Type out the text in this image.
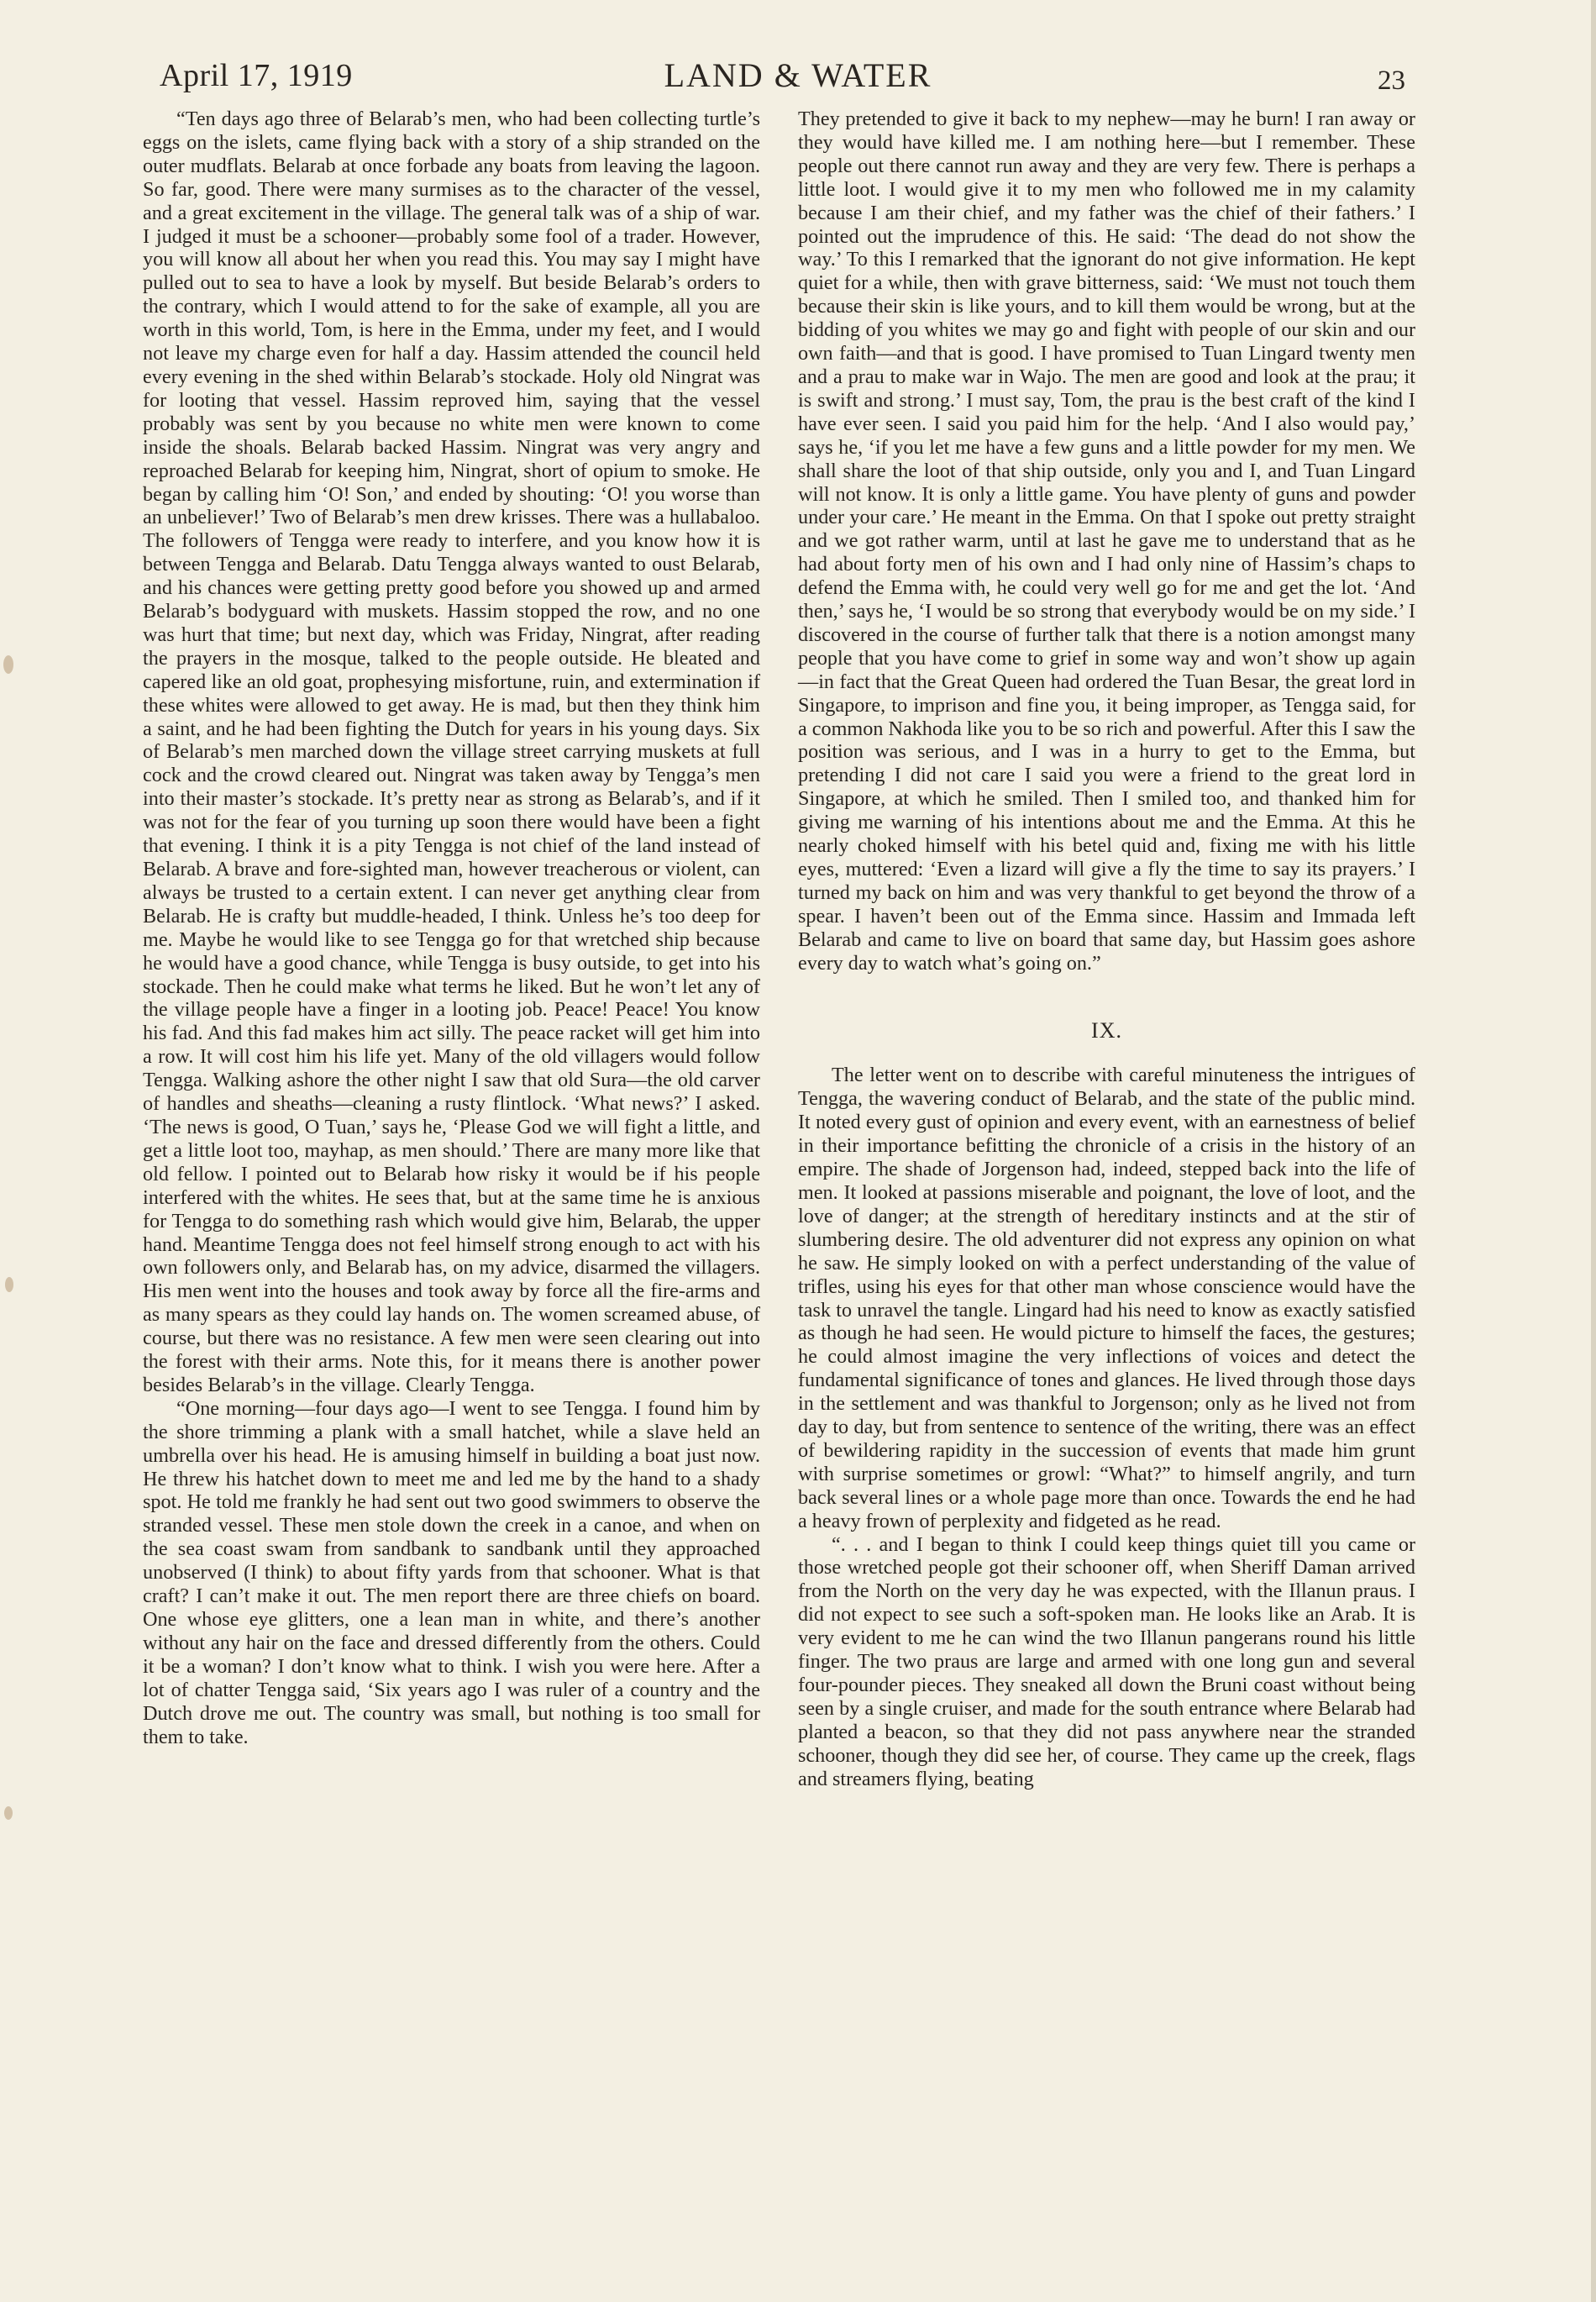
April 17, 1919	LAND & WATER	23

“Ten days ago three of Belarab’s men, who had been collecting turtle’s eggs on the islets, came flying back with a story of a ship stranded on the outer mudflats. Belarab at once forbade any boats from leaving the lagoon. So far, good. There were many surmises as to the character of the vessel, and a great excitement in the village. The general talk was of a ship of war. I judged it must be a schooner—probably some fool of a trader. However, you will know all about her when you read this. You may say I might have pulled out to sea to have a look by myself. But beside Belarab’s orders to the contrary, which I would attend to for the sake of example, all you are worth in this world, Tom, is here in the Emma, under my feet, and I would not leave my charge even for half a day. Hassim attended the council held every evening in the shed within Belarab’s stockade. Holy old Ningrat was for looting that vessel. Hassim reproved him, saying that the vessel probably was sent by you because no white men were known to come inside the shoals. Belarab backed Hassim. Ningrat was very angry and reproached Belarab for keeping him, Ningrat, short of opium to smoke. He began by calling him ‘O! Son,’ and ended by shouting: ‘O! you worse than an unbeliever!’ Two of Belarab’s men drew krisses. There was a hullabaloo. The followers of Tengga were ready to interfere, and you know how it is between Tengga and Belarab. Datu Tengga always wanted to oust Belarab, and his chances were getting pretty good before you showed up and armed Belarab’s bodyguard with muskets. Hassim stopped the row, and no one was hurt that time; but next day, which was Friday, Ningrat, after reading the prayers in the mosque, talked to the people outside. He bleated and capered like an old goat, prophesying misfortune, ruin, and extermination if these whites were allowed to get away. He is mad, but then they think him a saint, and he had been fighting the Dutch for years in his young days. Six of Belarab’s men marched down the village street carrying muskets at full cock and the crowd cleared out. Ningrat was taken away by Tengga’s men into their master’s stockade. It’s pretty near as strong as Belarab’s, and if it was not for the fear of you turning up soon there would have been a fight that evening. I think it is a pity Tengga is not chief of the land instead of Belarab. A brave and fore-sighted man, however treacherous or violent, can always be trusted to a certain extent. I can never get anything clear from Belarab. He is crafty but muddle-headed, I think. Unless he’s too deep for me. Maybe he would like to see Tengga go for that wretched ship because he would have a good chance, while Tengga is busy outside, to get into his stockade. Then he could make what terms he liked. But he won’t let any of the village people have a finger in a looting job. Peace! Peace! You know his fad. And this fad makes him act silly. The peace racket will get him into a row. It will cost him his life yet. Many of the old villagers would follow Tengga. Walking ashore the other night I saw that old Sura—the old carver of handles and sheaths—cleaning a rusty flintlock. ‘What news?’ I asked. ‘The news is good, O Tuan,’ says he, ‘Please God we will fight a little, and get a little loot too, mayhap, as men should.’ There are many more like that old fellow. I pointed out to Belarab how risky it would be if his people interfered with the whites. He sees that, but at the same time he is anxious for Tengga to do something rash which would give him, Belarab, the upper hand. Meantime Tengga does not feel himself strong enough to act with his own followers only, and Belarab has, on my advice, disarmed the villagers. His men went into the houses and took away by force all the fire-arms and as many spears as they could lay hands on. The women screamed abuse, of course, but there was no resistance. A few men were seen clearing out into the forest with their arms. Note this, for it means there is another power besides Belarab’s in the village. Clearly Tengga.

“One morning—four days ago—I went to see Tengga. I found him by the shore trimming a plank with a small hatchet, while a slave held an umbrella over his head. He is amusing himself in building a boat just now. He threw his hatchet down to meet me and led me by the hand to a shady spot. He told me frankly he had sent out two good swimmers to observe the stranded vessel. These men stole down the creek in a canoe, and when on the sea coast swam from sandbank to sandbank until they approached unobserved (I think) to about fifty yards from that schooner. What is that craft? I can’t make it out. The men report there are three chiefs on board. One whose eye glitters, one a lean man in white, and there’s another without any hair on the face and dressed differently from the others. Could it be a woman? I don’t know what to think. I wish you were here. After a lot of chatter Tengga said, ‘Six years ago I was ruler of a country and the Dutch drove me out. The country was small, but nothing is too small for them to take.

They pretended to give it back to my nephew—may he burn! I ran away or they would have killed me. I am nothing here—but I remember. These people out there cannot run away and they are very few. There is perhaps a little loot. I would give it to my men who followed me in my calamity because I am their chief, and my father was the chief of their fathers.’ I pointed out the imprudence of this. He said: ‘The dead do not show the way.’ To this I remarked that the ignorant do not give information. He kept quiet for a while, then with grave bitterness, said: ‘We must not touch them because their skin is like yours, and to kill them would be wrong, but at the bidding of you whites we may go and fight with people of our skin and our own faith—and that is good. I have promised to Tuan Lingard twenty men and a prau to make war in Wajo. The men are good and look at the prau; it is swift and strong.’ I must say, Tom, the prau is the best craft of the kind I have ever seen. I said you paid him for the help. ‘And I also would pay,’ says he, ‘if you let me have a few guns and a little powder for my men. We shall share the loot of that ship outside, only you and I, and Tuan Lingard will not know. It is only a little game. You have plenty of guns and powder under your care.’ He meant in the Emma. On that I spoke out pretty straight and we got rather warm, until at last he gave me to understand that as he had about forty men of his own and I had only nine of Hassim’s chaps to defend the Emma with, he could very well go for me and get the lot. ‘And then,’ says he, ‘I would be so strong that everybody would be on my side.’ I discovered in the course of further talk that there is a notion amongst many people that you have come to grief in some way and won’t show up again—in fact that the Great Queen had ordered the Tuan Besar, the great lord in Singapore, to imprison and fine you, it being improper, as Tengga said, for a common Nakhoda like you to be so rich and powerful. After this I saw the position was serious, and I was in a hurry to get to the Emma, but pretending I did not care I said you were a friend to the great lord in Singapore, at which he smiled. Then I smiled too, and thanked him for giving me warning of his intentions about me and the Emma. At this he nearly choked himself with his betel quid and, fixing me with his little eyes, muttered: ‘Even a lizard will give a fly the time to say its prayers.’ I turned my back on him and was very thankful to get beyond the throw of a spear. I haven’t been out of the Emma since. Hassim and Immada left Belarab and came to live on board that same day, but Hassim goes ashore every day to watch what’s going on.”

IX.

The letter went on to describe with careful minuteness the intrigues of Tengga, the wavering conduct of Belarab, and the state of the public mind. It noted every gust of opinion and every event, with an earnestness of belief in their importance befitting the chronicle of a crisis in the history of an empire. The shade of Jorgenson had, indeed, stepped back into the life of men. It looked at passions miserable and poignant, the love of loot, and the love of danger; at the strength of hereditary instincts and at the stir of slumbering desire. The old adventurer did not express any opinion on what he saw. He simply looked on with a perfect understanding of the value of trifles, using his eyes for that other man whose conscience would have the task to unravel the tangle. Lingard had his need to know as exactly satisfied as though he had seen. He would picture to himself the faces, the gestures; he could almost imagine the very inflections of voices and detect the fundamental significance of tones and glances. He lived through those days in the settlement and was thankful to Jorgenson; only as he lived not from day to day, but from sentence to sentence of the writing, there was an effect of bewildering rapidity in the succession of events that made him grunt with surprise sometimes or growl: “What?” to himself angrily, and turn back several lines or a whole page more than once. Towards the end he had a heavy frown of perplexity and fidgeted as he read.

“. . . and I began to think I could keep things quiet till you came or those wretched people got their schooner off, when Sheriff Daman arrived from the North on the very day he was expected, with the Illanun praus. I did not expect to see such a soft-spoken man. He looks like an Arab. It is very evident to me he can wind the two Illanun pangerans round his little finger. The two praus are large and armed with one long gun and several four-pounder pieces. They sneaked all down the Bruni coast without being seen by a single cruiser, and made for the south entrance where Belarab had planted a beacon, so that they did not pass anywhere near the stranded schooner, though they did see her, of course. They came up the creek, flags and streamers flying, beating
